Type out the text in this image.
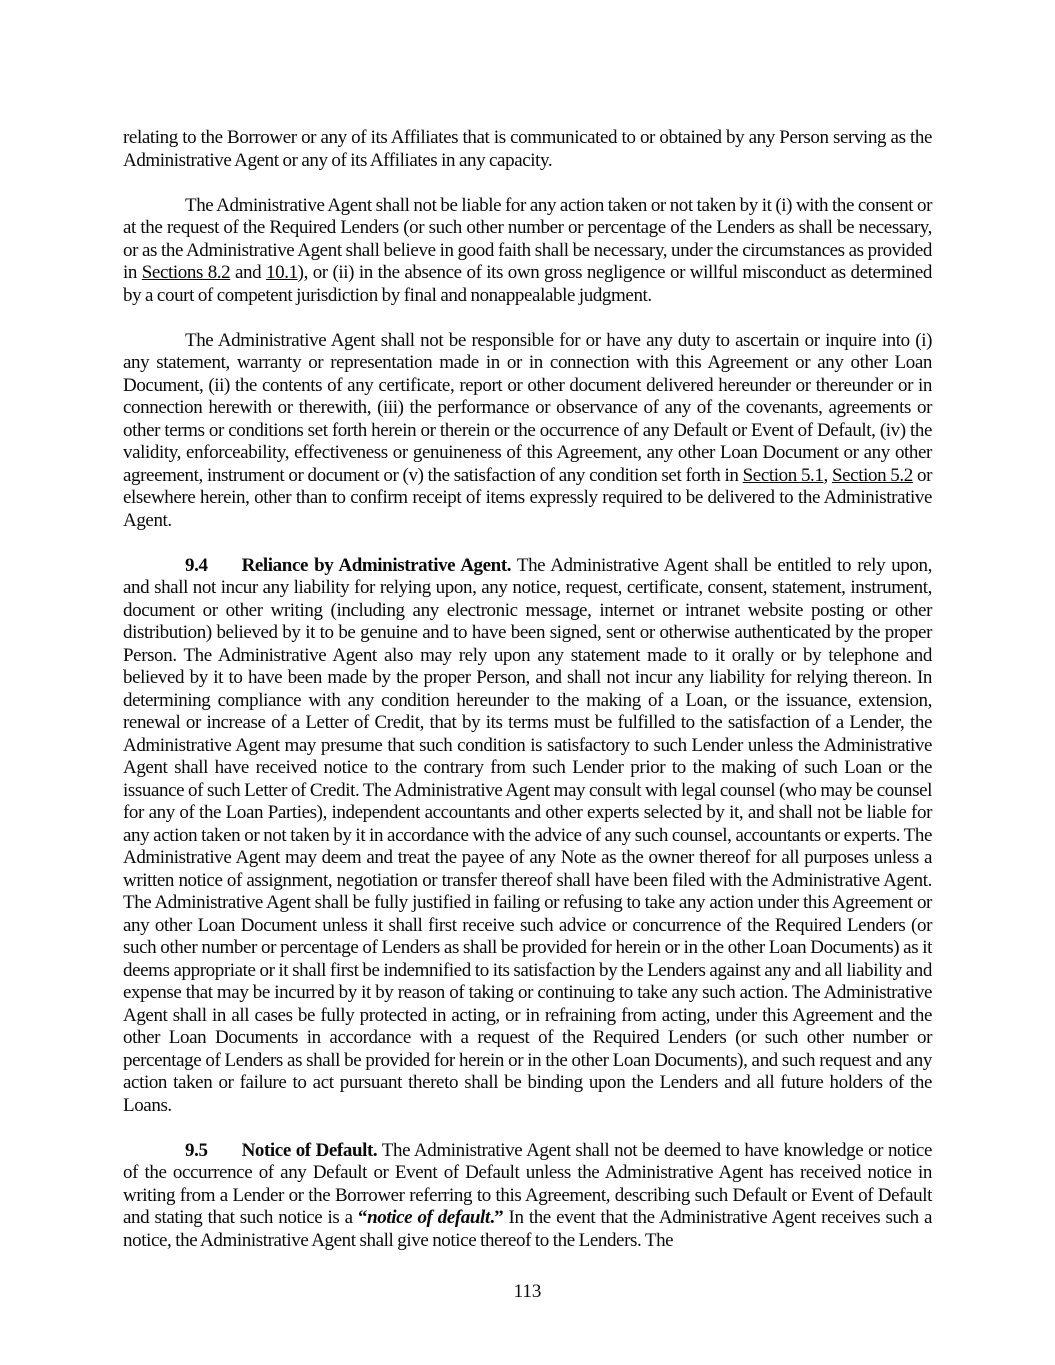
relating to the Borrower or any of its Affiliates that is communicated to or obtained by any Person serving as the Administrative Agent or any of its Affiliates in any capacity.

The Administrative Agent shall not be liable for any action taken or not taken by it (i) with the consent or at the request of the Required Lenders (or such other number or percentage of the Lenders as shall be necessary, or as the Administrative Agent shall believe in good faith shall be necessary, under the circumstances as provided in Sections 8.2 and 10.1), or (ii) in the absence of its own gross negligence or willful misconduct as determined by a court of competent jurisdiction by final and nonappealable judgment.

The Administrative Agent shall not be responsible for or have any duty to ascertain or inquire into (i) any statement, warranty or representation made in or in connection with this Agreement or any other Loan Document, (ii) the contents of any certificate, report or other document delivered hereunder or thereunder or in connection herewith or therewith, (iii) the performance or observance of any of the covenants, agreements or other terms or conditions set forth herein or therein or the occurrence of any Default or Event of Default, (iv) the validity, enforceability, effectiveness or genuineness of this Agreement, any other Loan Document or any other agreement, instrument or document or (v) the satisfaction of any condition set forth in Section 5.1, Section 5.2 or elsewhere herein, other than to confirm receipt of items expressly required to be delivered to the Administrative Agent.

9.4 Reliance by Administrative Agent. The Administrative Agent shall be entitled to rely upon, and shall not incur any liability for relying upon, any notice, request, certificate, consent, statement, instrument, document or other writing (including any electronic message, internet or intranet website posting or other distribution) believed by it to be genuine and to have been signed, sent or otherwise authenticated by the proper Person. The Administrative Agent also may rely upon any statement made to it orally or by telephone and believed by it to have been made by the proper Person, and shall not incur any liability for relying thereon. In determining compliance with any condition hereunder to the making of a Loan, or the issuance, extension, renewal or increase of a Letter of Credit, that by its terms must be fulfilled to the satisfaction of a Lender, the Administrative Agent may presume that such condition is satisfactory to such Lender unless the Administrative Agent shall have received notice to the contrary from such Lender prior to the making of such Loan or the issuance of such Letter of Credit. The Administrative Agent may consult with legal counsel (who may be counsel for any of the Loan Parties), independent accountants and other experts selected by it, and shall not be liable for any action taken or not taken by it in accordance with the advice of any such counsel, accountants or experts. The Administrative Agent may deem and treat the payee of any Note as the owner thereof for all purposes unless a written notice of assignment, negotiation or transfer thereof shall have been filed with the Administrative Agent. The Administrative Agent shall be fully justified in failing or refusing to take any action under this Agreement or any other Loan Document unless it shall first receive such advice or concurrence of the Required Lenders (or such other number or percentage of Lenders as shall be provided for herein or in the other Loan Documents) as it deems appropriate or it shall first be indemnified to its satisfaction by the Lenders against any and all liability and expense that may be incurred by it by reason of taking or continuing to take any such action. The Administrative Agent shall in all cases be fully protected in acting, or in refraining from acting, under this Agreement and the other Loan Documents in accordance with a request of the Required Lenders (or such other number or percentage of Lenders as shall be provided for herein or in the other Loan Documents), and such request and any action taken or failure to act pursuant thereto shall be binding upon the Lenders and all future holders of the Loans.

9.5 Notice of Default. The Administrative Agent shall not be deemed to have knowledge or notice of the occurrence of any Default or Event of Default unless the Administrative Agent has received notice in writing from a Lender or the Borrower referring to this Agreement, describing such Default or Event of Default and stating that such notice is a “notice of default.” In the event that the Administrative Agent receives such a notice, the Administrative Agent shall give notice thereof to the Lenders. The

113
